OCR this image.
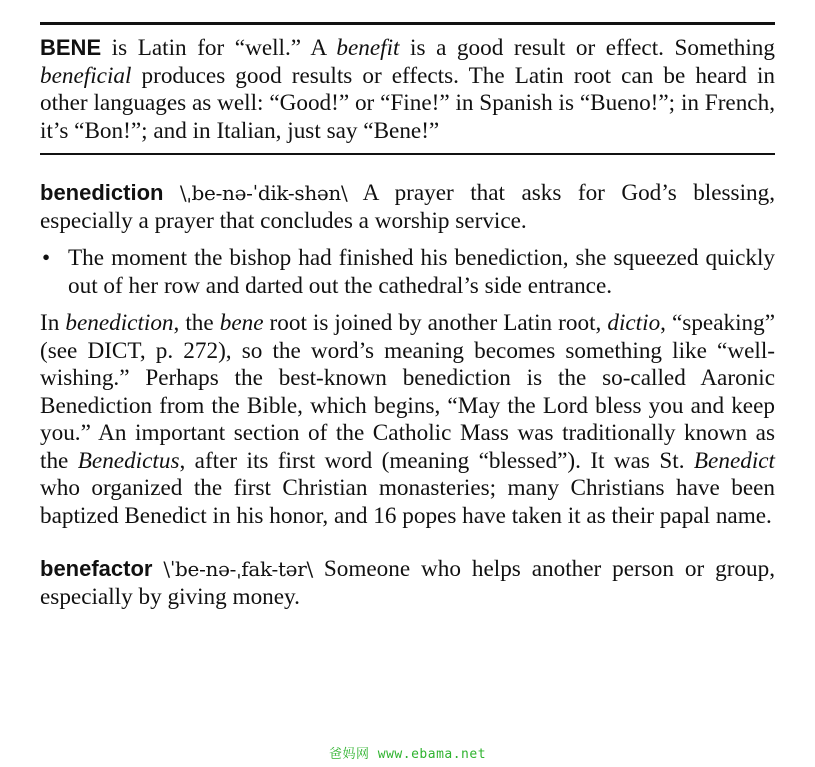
BENE is Latin for “well.” A benefit is a good result or effect. Something beneficial produces good results or effects. The Latin root can be heard in other languages as well: “Good!” or “Fine!” in Spanish is “Bueno!”; in French, it’s “Bon!”; and in Italian, just say “Bene!”
benediction \ˌbe-nə-ˈdik-shən\ A prayer that asks for God’s blessing, especially a prayer that concludes a worship service.
• The moment the bishop had finished his benediction, she squeezed quickly out of her row and darted out the cathedral’s side entrance.
In benediction, the bene root is joined by another Latin root, dictio, “speaking” (see DICT, p. 272), so the word’s meaning becomes something like “well-wishing.” Perhaps the best-known benediction is the so-called Aaronic Benediction from the Bible, which begins, “May the Lord bless you and keep you.” An important section of the Catholic Mass was traditionally known as the Benedictus, after its first word (meaning “blessed”). It was St. Benedict who organized the first Christian monasteries; many Christians have been baptized Benedict in his honor, and 16 popes have taken it as their papal name.
benefactor \ˈbe-nə-ˌfak-tər\ Someone who helps another person or group, especially by giving money.
爸妈网 www.ebama.net
